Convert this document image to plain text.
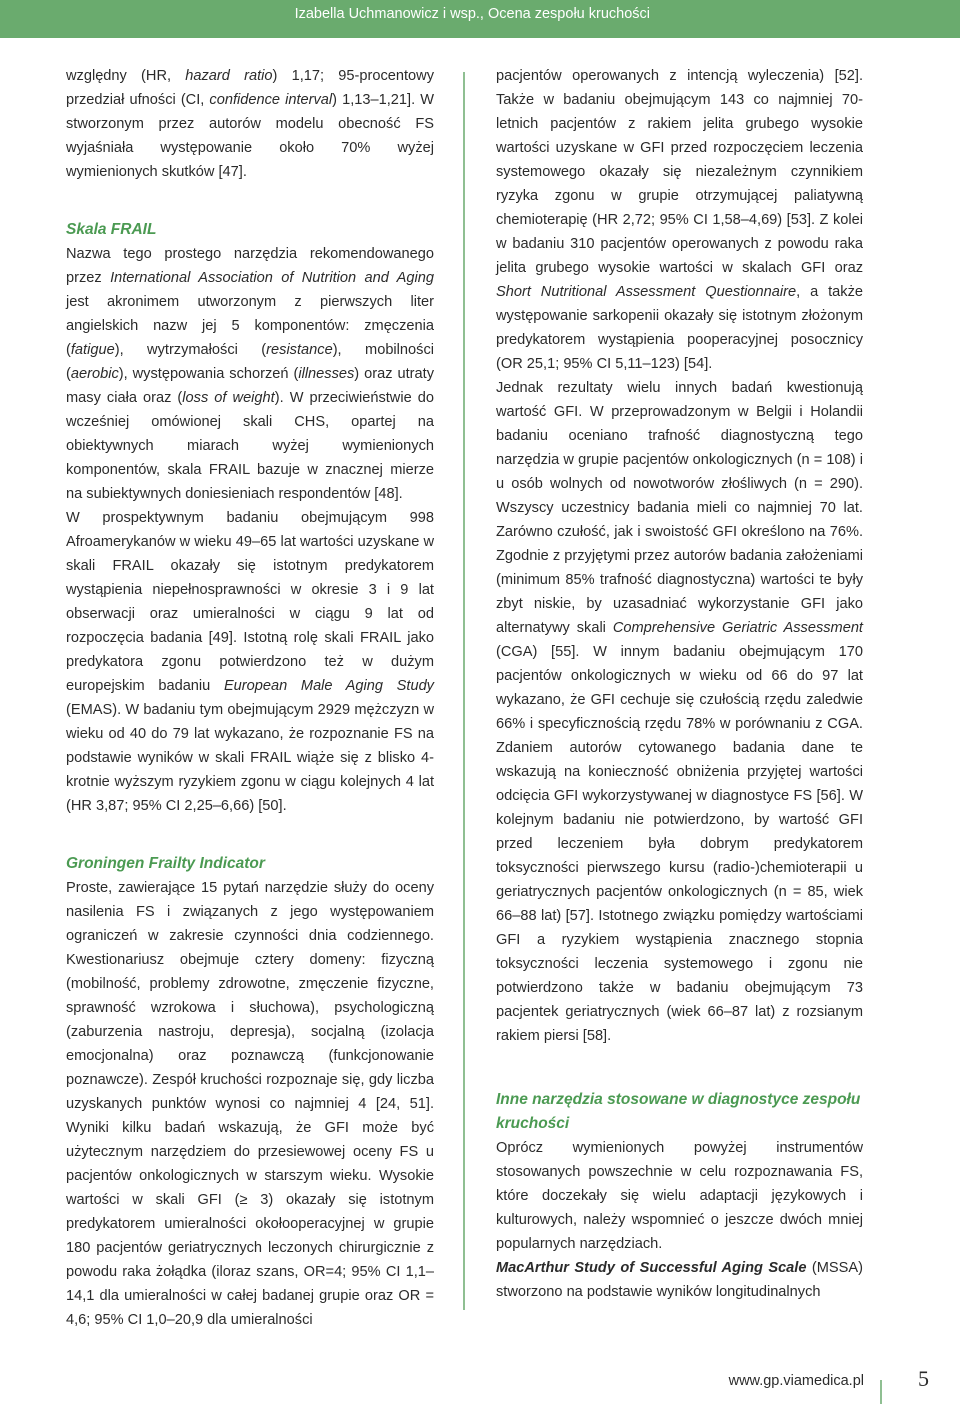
Izabella Uchmanowicz i wsp., Ocena zespołu kruchości

względny (HR, hazard ratio) 1,17; 95-procentowy przedział ufności (CI, confidence interval) 1,13–1,21]. W stworzonym przez autorów modelu obecność FS wyjaśniała występowanie około 70% wyżej wymienionych skutków [47].

Skala FRAIL

Nazwa tego prostego narzędzia rekomendowanego przez International Association of Nutrition and Aging jest akronimem utworzonym z pierwszych liter angielskich nazw jej 5 komponentów: zmęczenia (fatigue), wytrzymałości (resistance), mobilności (aerobic), występowania schorzeń (illnesses) oraz utraty masy ciała oraz (loss of weight). W przeciwieństwie do wcześniej omówionej skali CHS, opartej na obiektywnych miarach wyżej wymienionych komponentów, skala FRAIL bazuje w znacznej mierze na subiektywnych doniesieniach respondentów [48].

W prospektywnym badaniu obejmującym 998 Afroamerykanów w wieku 49–65 lat wartości uzyskane w skali FRAIL okazały się istotnym predykatorem wystąpienia niepełnosprawności w okresie 3 i 9 lat obserwacji oraz umieralności w ciągu 9 lat od rozpoczęcia badania [49]. Istotną rolę skali FRAIL jako predykatora zgonu potwierdzono też w dużym europejskim badaniu European Male Aging Study (EMAS). W badaniu tym obejmującym 2929 mężczyzn w wieku od 40 do 79 lat wykazano, że rozpoznanie FS na podstawie wyników w skali FRAIL wiąże się z blisko 4-krotnie wyższym ryzykiem zgonu w ciągu kolejnych 4 lat (HR 3,87; 95% CI 2,25–6,66) [50].

Groningen Frailty Indicator

Proste, zawierające 15 pytań narzędzie służy do oceny nasilenia FS i związanych z jego występowaniem ograniczeń w zakresie czynności dnia codziennego. Kwestionariusz obejmuje cztery domeny: fizyczną (mobilność, problemy zdrowotne, zmęczenie fizyczne, sprawność wzrokowa i słuchowa), psychologiczną (zaburzenia nastroju, depresja), socjalną (izolacja emocjonalna) oraz poznawczą (funkcjonowanie poznawcze). Zespół kruchości rozpoznaje się, gdy liczba uzyskanych punktów wynosi co najmniej 4 [24, 51]. Wyniki kilku badań wskazują, że GFI może być użytecznym narzędziem do przesiewowej oceny FS u pacjentów onkologicznych w starszym wieku. Wysokie wartości w skali GFI (≥ 3) okazały się istotnym predykatorem umieralności okołooperacyjnej w grupie 180 pacjentów geriatrycznych leczonych chirurgicznie z powodu raka żołądka (iloraz szans, OR=4; 95% CI 1,1–14,1 dla umieralności w całej badanej grupie oraz OR = 4,6; 95% CI 1,0–20,9 dla umieralności

pacjentów operowanych z intencją wyleczenia) [52]. Także w badaniu obejmującym 143 co najmniej 70-letnich pacjentów z rakiem jelita grubego wysokie wartości uzyskane w GFI przed rozpoczęciem leczenia systemowego okazały się niezależnym czynnikiem ryzyka zgonu w grupie otrzymującej paliatywną chemioterapię (HR 2,72; 95% CI 1,58–4,69) [53]. Z kolei w badaniu 310 pacjentów operowanych z powodu raka jelita grubego wysokie wartości w skalach GFI oraz Short Nutritional Assessment Questionnaire, a także występowanie sarkopenii okazały się istotnym złożonym predykatorem wystąpienia pooperacyjnej posocznicy (OR 25,1; 95% CI 5,11–123) [54].

Jednak rezultaty wielu innych badań kwestionują wartość GFI. W przeprowadzonym w Belgii i Holandii badaniu oceniano trafność diagnostyczną tego narzędzia w grupie pacjentów onkologicznych (n = 108) i u osób wolnych od nowotworów złośliwych (n = 290). Wszyscy uczestnicy badania mieli co najmniej 70 lat. Zarówno czułość, jak i swoistość GFI określono na 76%. Zgodnie z przyjętymi przez autorów badania założeniami (minimum 85% trafność diagnostyczna) wartości te były zbyt niskie, by uzasadniać wykorzystanie GFI jako alternatywy skali Comprehensive Geriatric Assessment (CGA) [55]. W innym badaniu obejmującym 170 pacjentów onkologicznych w wieku od 66 do 97 lat wykazano, że GFI cechuje się czułością rzędu zaledwie 66% i specyficznością rzędu 78% w porównaniu z CGA. Zdaniem autorów cytowanego badania dane te wskazują na konieczność obniżenia przyjętej wartości odcięcia GFI wykorzystywanej w diagnostyce FS [56]. W kolejnym badaniu nie potwierdzono, by wartość GFI przed leczeniem była dobrym predykatorem toksyczności pierwszego kursu (radio-)chemioterapii u geriatrycznych pacjentów onkologicznych (n = 85, wiek 66–88 lat) [57]. Istotnego związku pomiędzy wartościami GFI a ryzykiem wystąpienia znacznego stopnia toksyczności leczenia systemowego i zgonu nie potwierdzono także w badaniu obejmującym 73 pacjentek geriatrycznych (wiek 66–87 lat) z rozsianym rakiem piersi [58].

Inne narzędzia stosowane w diagnostyce zespołu kruchości

Oprócz wymienionych powyżej instrumentów stosowanych powszechnie w celu rozpoznawania FS, które doczekały się wielu adaptacji językowych i kulturowych, należy wspomnieć o jeszcze dwóch mniej popularnych narzędziach.

MacArthur Study of Successful Aging Scale (MSSA) stworzono na podstawie wyników longitudinalnych

www.gp.viamedica.pl 5
